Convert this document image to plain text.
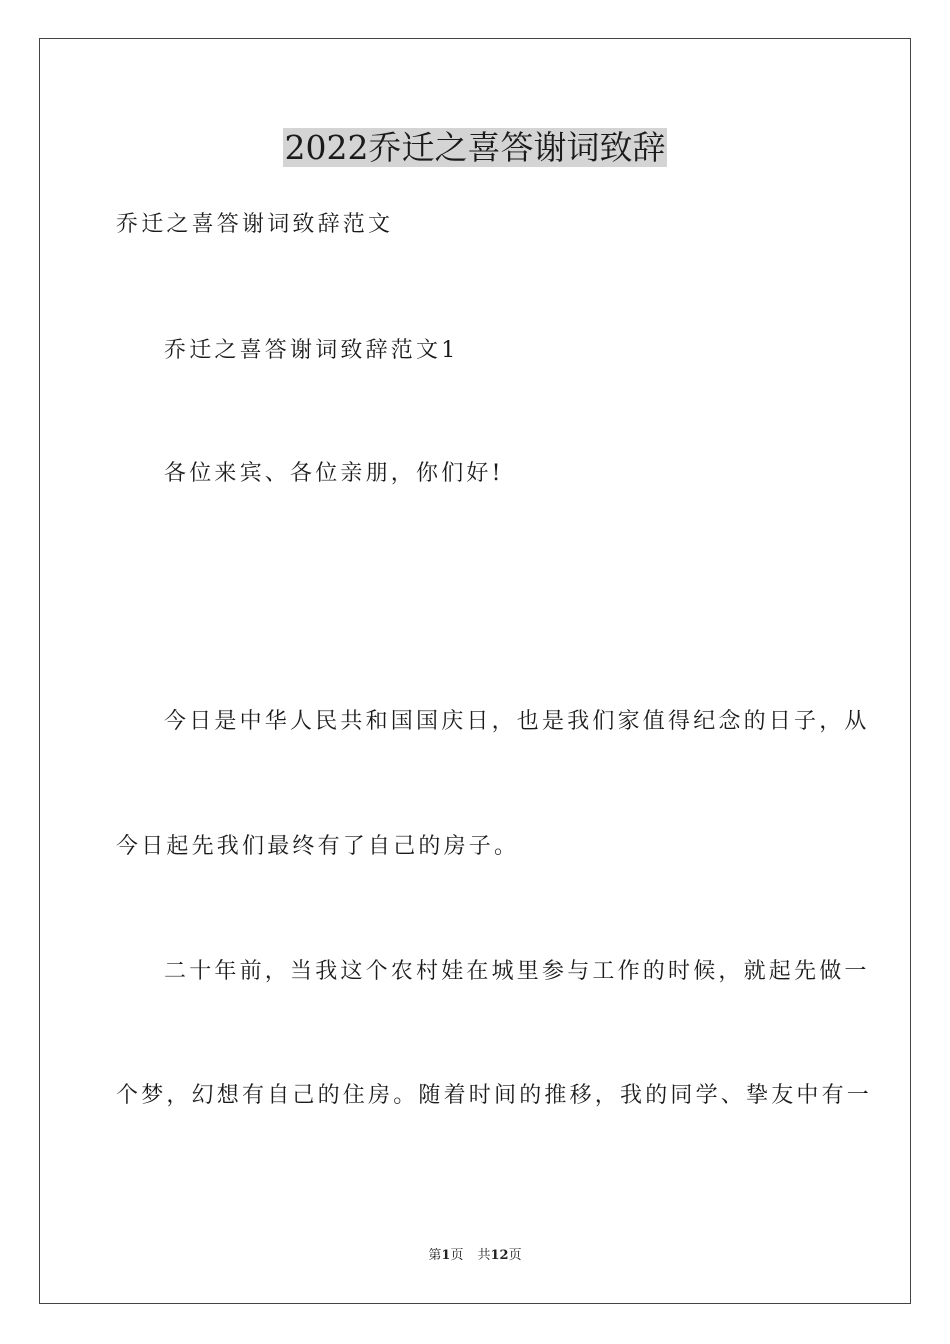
2022乔迁之喜答谢词致辞
乔迁之喜答谢词致辞范文
乔迁之喜答谢词致辞范文1
各位来宾、各位亲朋，你们好!
今日是中华人民共和国国庆日，也是我们家值得纪念的日子，从
今日起先我们最终有了自己的房子。
二十年前，当我这个农村娃在城里参与工作的时候，就起先做一
个梦，幻想有自己的住房。随着时间的推移，我的同学、挚友中有一
第1页 共12页
